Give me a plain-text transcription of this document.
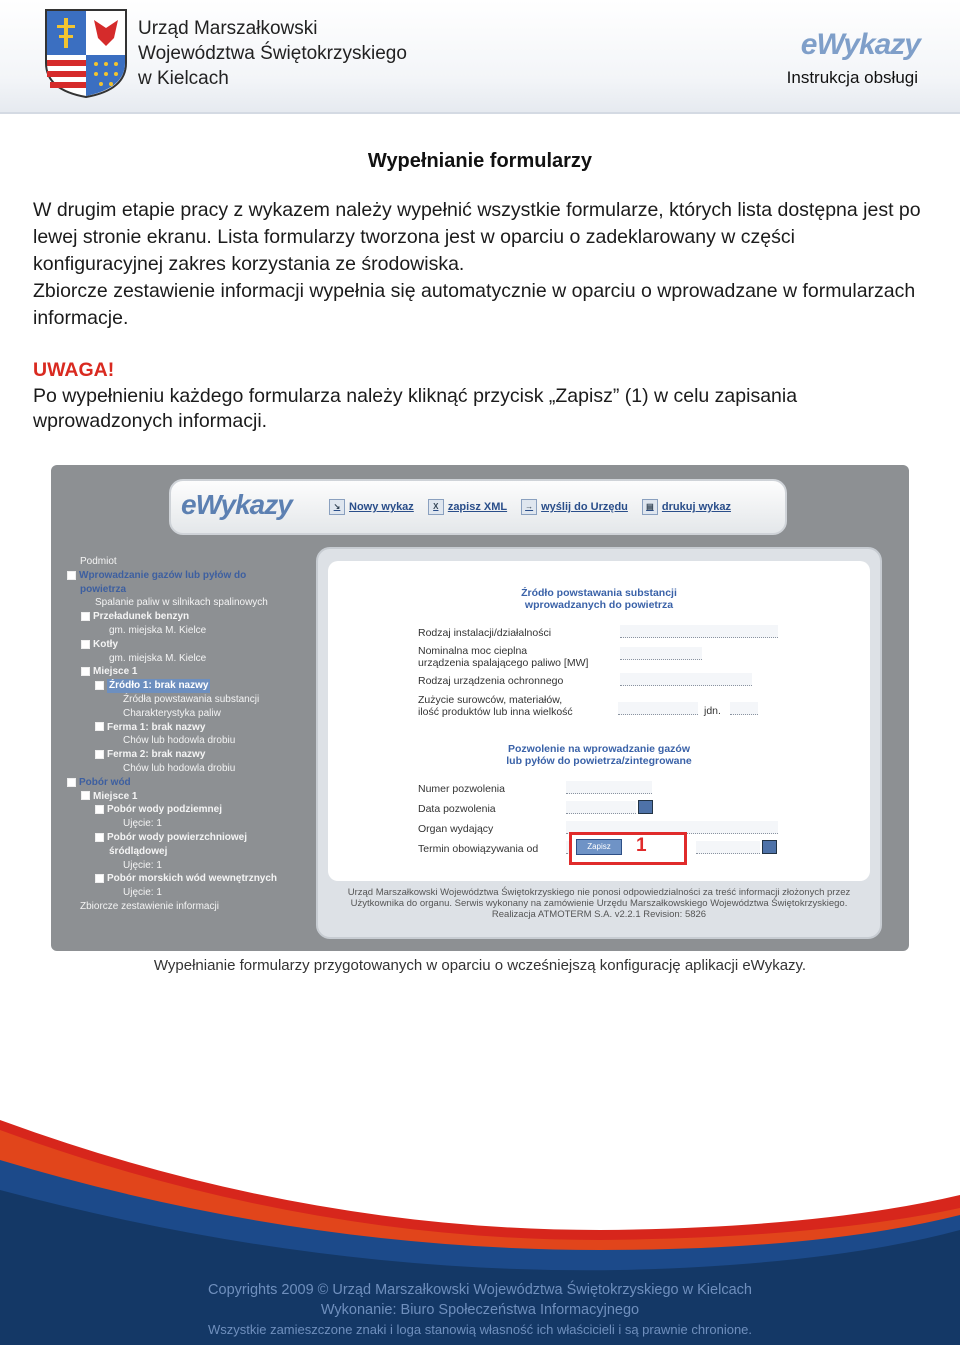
Urząd Marszałkowski
Województwa Świętokrzyskiego
w Kielcach
eWykazy
Instrukcja obsługi
Wypełnianie formularzy
W drugim etapie pracy z wykazem należy wypełnić wszystkie formularze, których lista dostępna jest po lewej stronie ekranu. Lista formularzy tworzona jest w oparciu o zadeklarowany w części konfiguracyjnej zakres korzystania ze środowiska.
Zbiorcze zestawienie informacji wypełnia się automatycznie w oparciu o wprowadzane w formularzach informacje.
UWAGA!
Po wypełnieniu każdego formularza należy kliknąć przycisk „Zapisz” (1) w celu zapisania wprowadzonych informacji.
eWykazy	↘ Nowy wykaz	X zapisz XML	→ wyślij do Urzędu	▤ drukuj wykaz
Podmiot
Wprowadzanie gazów lub pyłów do
powietrza
Spalanie paliw w silnikach spalinowych
Przeładunek benzyn
gm. miejska M. Kielce
Kotły
gm. miejska M. Kielce
Miejsce 1
Źródło 1: brak nazwy
Źródła powstawania substancji
Charakterystyka paliw
Ferma 1: brak nazwy
Chów lub hodowla drobiu
Ferma 2: brak nazwy
Chów lub hodowla drobiu
Pobór wód
Miejsce 1
Pobór wody podziemnej
Ujęcie: 1
Pobór wody powierzchniowej
śródlądowej
Ujęcie: 1
Pobór morskich wód wewnętrznych
Ujęcie: 1
Zbiorcze zestawienie informacji
Źródło powstawania substancji
wprowadzanych do powietrza
Rodzaj instalacji/działalności
Nominalna moc cieplna
urządzenia spalającego paliwo [MW]
Rodzaj urządzenia ochronnego
Zużycie surowców, materiałów,
ilość produktów lub inna wielkość	jdn.
Pozwolenie na wprowadzanie gazów
lub pyłów do powietrza/zintegrowane
Numer pozwolenia
Data pozwolenia
Organ wydający
Termin obowiązywania od	Zapisz	1
Urząd Marszałkowski Województwa Świętokrzyskiego nie ponosi odpowiedzialności za treść informacji złożonych przez
Użytkownika do organu. Serwis wykonany na zamówienie Urzędu Marszałkowskiego Województwa Świętokrzyskiego.
Realizacja ATMOTERM S.A. v2.2.1 Revision: 5826
Wypełnianie formularzy przygotowanych w oparciu o wcześniejszą konfigurację aplikacji eWykazy.
Copyrights 2009 © Urząd Marszałkowski Województwa Świętokrzyskiego w Kielcach
Wykonanie: Biuro Społeczeństwa Informacyjnego
Wszystkie zamieszczone znaki i loga stanowią własność ich właścicieli i są prawnie chronione.
